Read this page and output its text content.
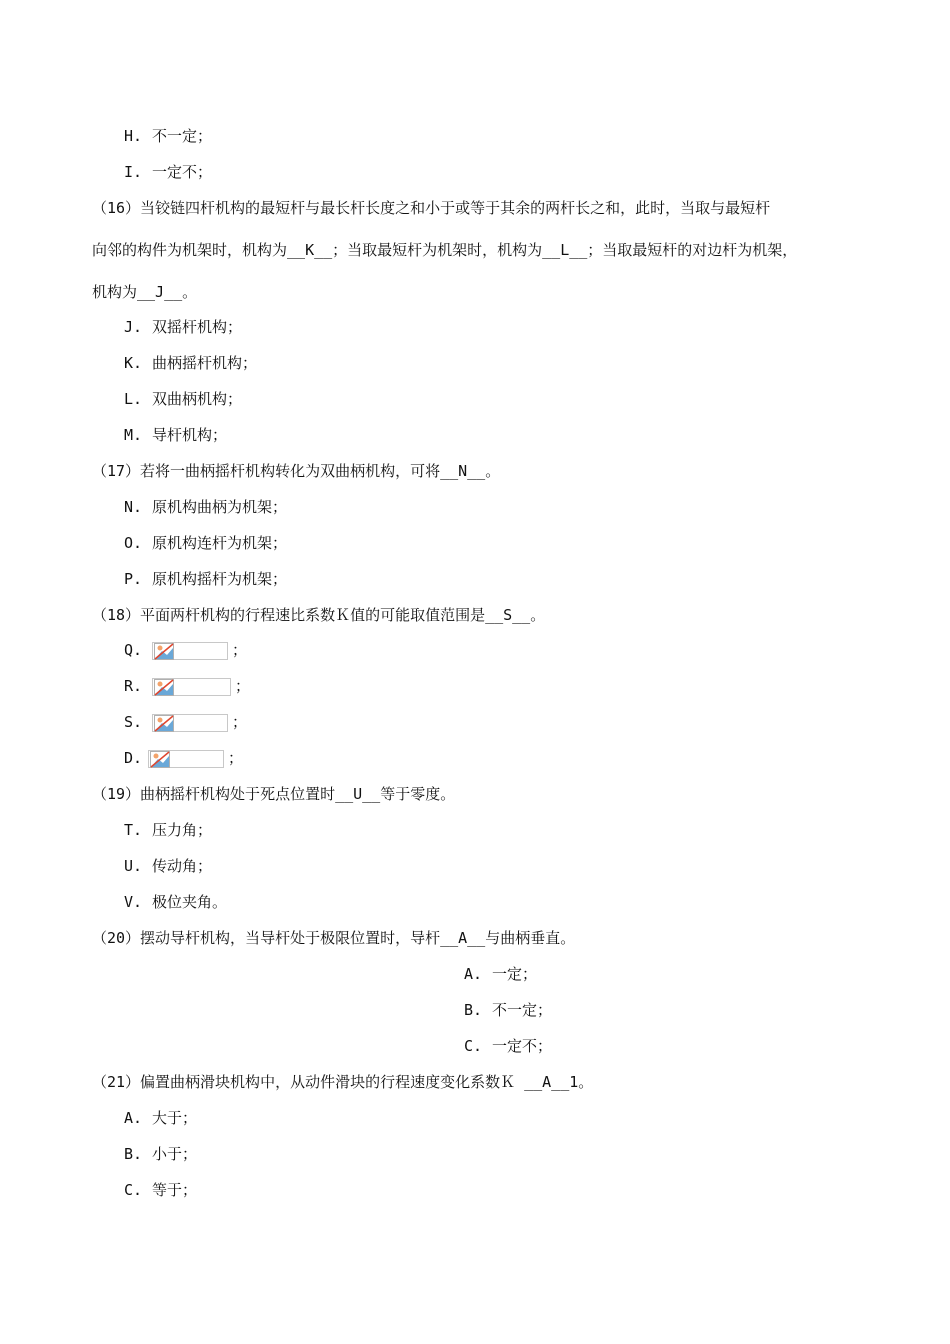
H. 不一定；
I. 一定不；

（16）当铰链四杆机构的最短杆与最长杆长度之和小于或等于其余的两杆长之和，此时，当取与最短杆

向邻的构件为机架时，机构为__K__；当取最短杆为机架时，机构为__L__；当取最短杆的对边杆为机架，

机构为__J__。

J. 双摇杆机构；
K. 曲柄摇杆机构；
L. 双曲柄机构；
M. 导杆机构；

（17）若将一曲柄摇杆机构转化为双曲柄机构，可将__N__。

N. 原机构曲柄为机架；
O. 原机构连杆为机架；
P. 原机构摇杆为机架；

（18）平面两杆机构的行程速比系数Ｋ值的可能取值范围是__S__。

Q.	；
R.	；
S.	；
D.	；

（19）曲柄摇杆机构处于死点位置时__U__等于零度。

T. 压力角；
U. 传动角；
V. 极位夹角。

（20）摆动导杆机构，当导杆处于极限位置时，导杆__A__与曲柄垂直。

A. 一定；
B. 不一定；
C. 一定不；

（21）偏置曲柄滑块机构中，从动件滑块的行程速度变化系数Ｋ __A__1。

A. 大于；
B. 小于；
C. 等于；
